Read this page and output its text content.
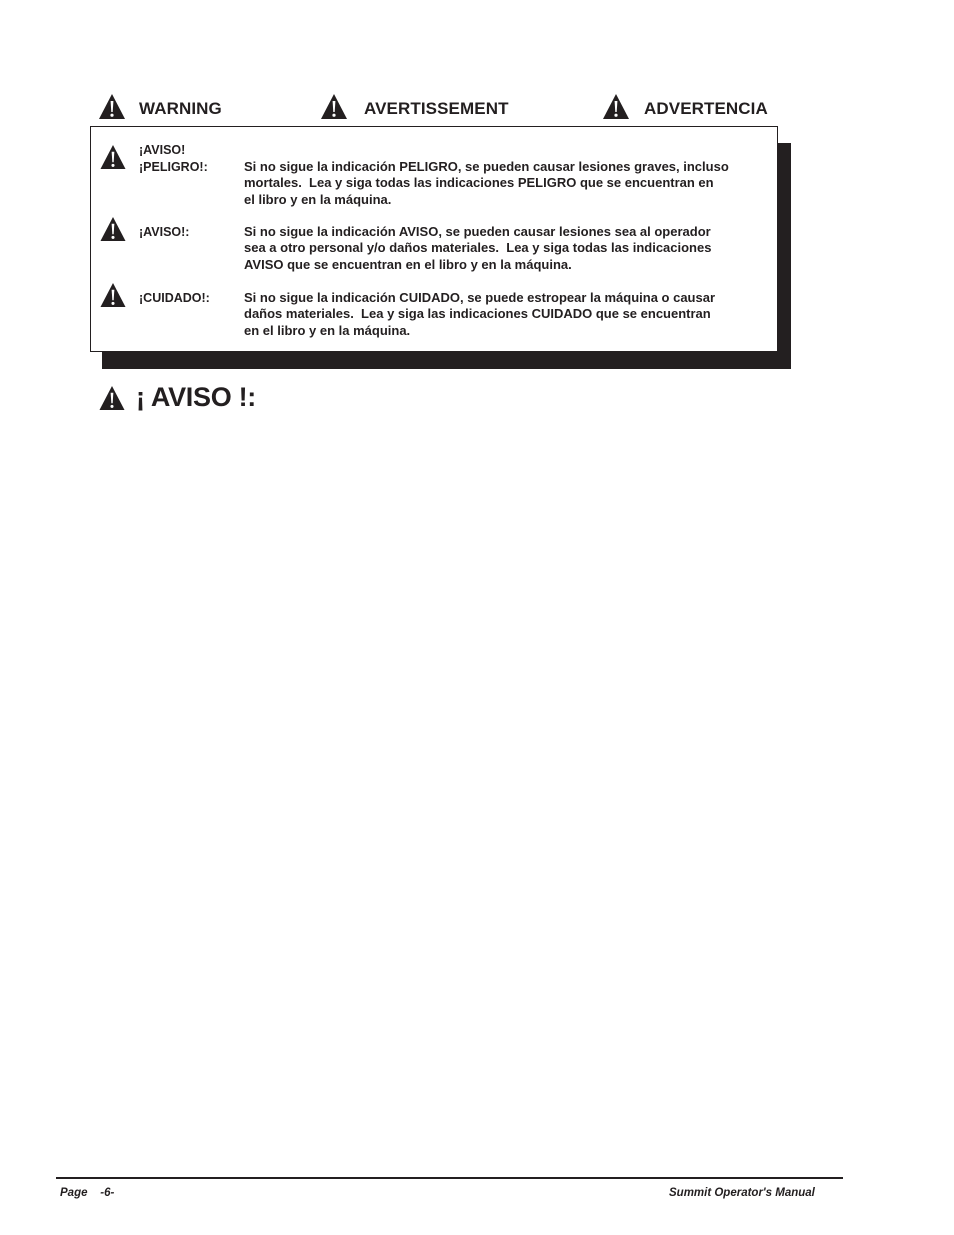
WARNING	AVERTISSEMENT	ADVERTENCIA
¡AVISO!
¡PELIGRO!:	Si no sigue la indicación PELIGRO, se pueden causar lesiones graves, incluso
mortales.  Lea y siga todas las indicaciones PELIGRO que se encuentran en
el libro y en la máquina.
¡AVISO!:	Si no sigue la indicación AVISO, se pueden causar lesiones sea al operador
sea a otro personal y/o daños materiales.  Lea y siga todas las indicaciones
AVISO que se encuentran en el libro y en la máquina.
¡CUIDADO!:	Si no sigue la indicación CUIDADO, se puede estropear la máquina o causar
daños materiales.  Lea y siga las indicaciones CUIDADO que se encuentran
en el libro y en la máquina.
¡ AVISO !:
Page    -6-	Summit Operator's Manual
